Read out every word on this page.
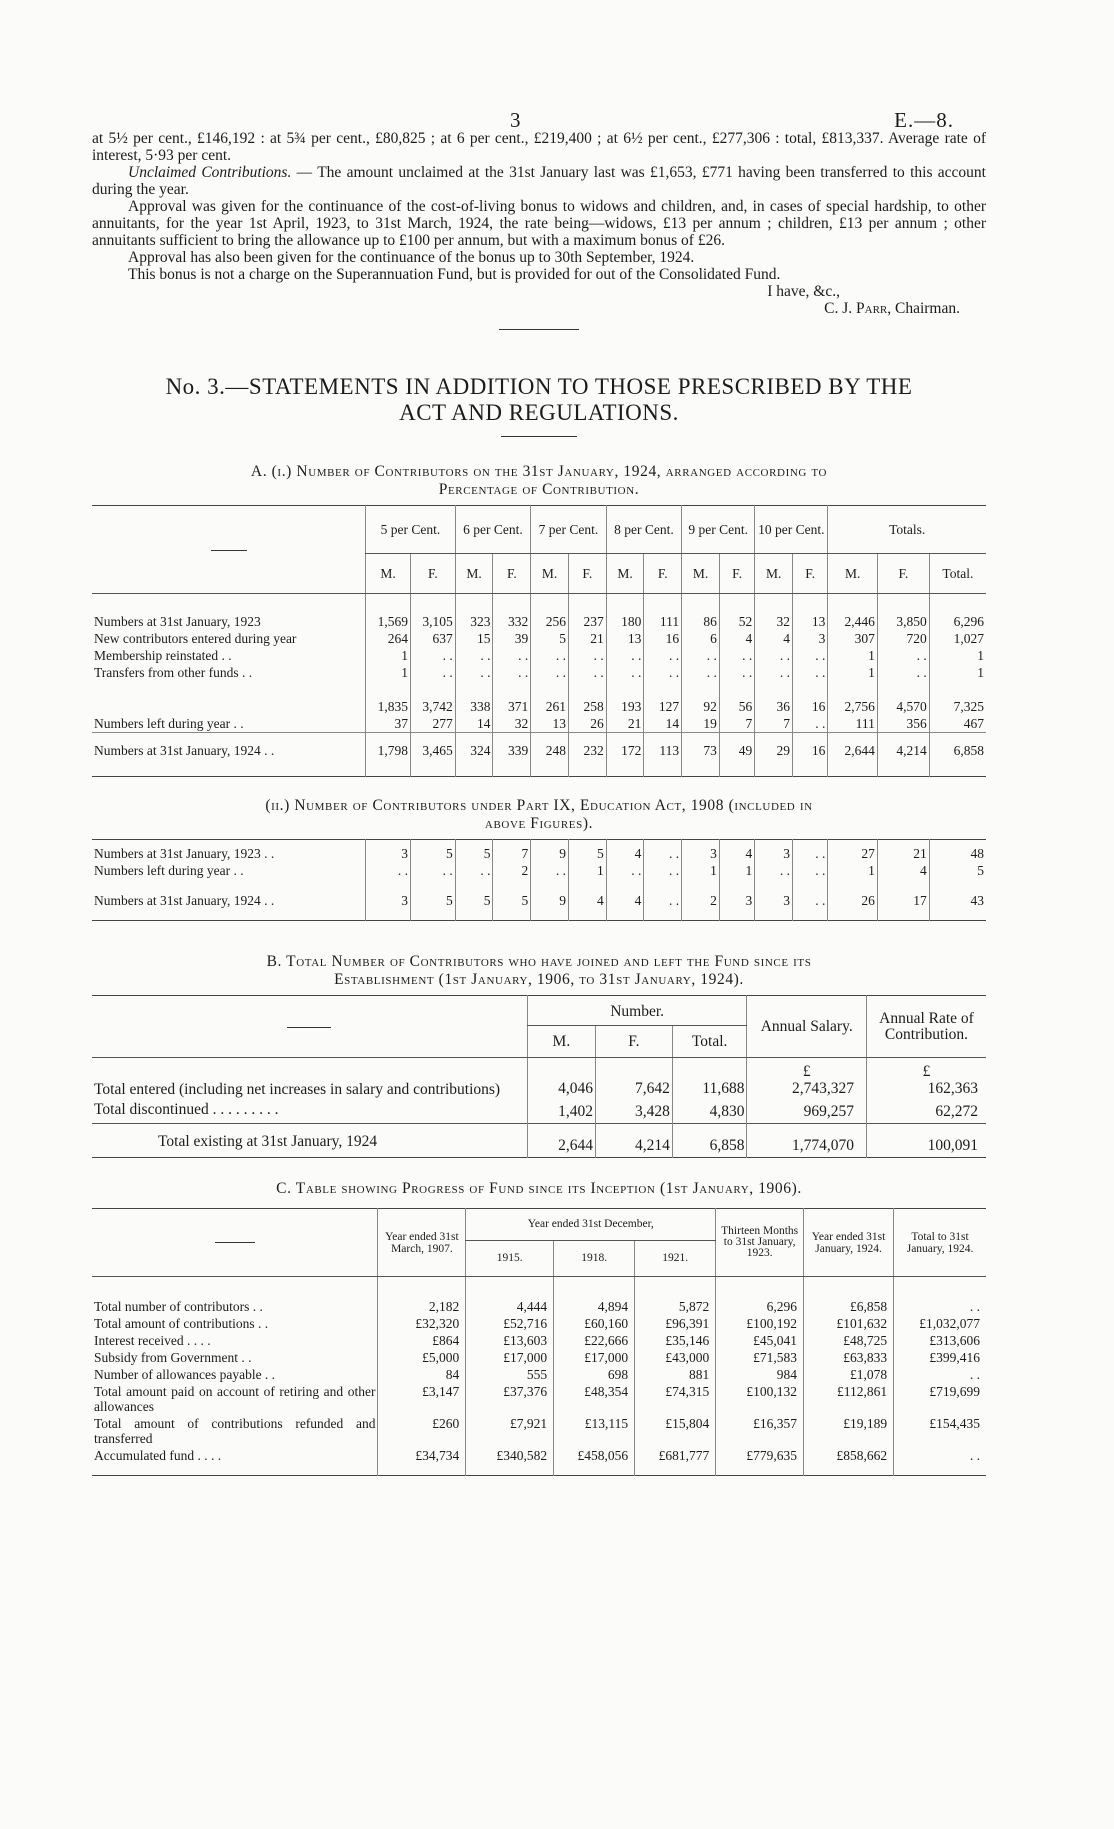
3	E.—8.

at 5½ per cent., £146,192 : at 5¾ per cent., £80,825 ; at 6 per cent., £219,400 ; at 6½ per cent., £277,306 : total, £813,337. Average rate of interest, 5·93 per cent.

Unclaimed Contributions. — The amount unclaimed at the 31st January last was £1,653, £771 having been transferred to this account during the year.

Approval was given for the continuance of the cost-of-living bonus to widows and children, and, in cases of special hardship, to other annuitants, for the year 1st April, 1923, to 31st March, 1924, the rate being—widows, £13 per annum ; children, £13 per annum ; other annuitants sufficient to bring the allowance up to £100 per annum, but with a maximum bonus of £26.

Approval has also been given for the continuance of the bonus up to 30th September, 1924.

This bonus is not a charge on the Superannuation Fund, but is provided for out of the Consolidated Fund.

I have, &c.,
C. J. Parr, Chairman.
No. 3.—STATEMENTS IN ADDITION TO THOSE PRESCRIBED BY THE
ACT AND REGULATIONS.
A. (i.) Number of Contributors on the 31st January, 1924, arranged according to
Percentage of Contribution.
	5 per Cent.		6 per Cent.		7 per Cent.		8 per Cent.		9 per Cent.		10 per Cent.		Totals.		
	M.	F.	M.	F.	M.	F.	M.	F.	M.	F.	M.	F.	M.	F.	Total.
Numbers at 31st January, 1923	1,569	3,105	323	332	256	237	180	111	86	52	32	13	2,446	3,850	6,296
New contributors entered during year	264	637	15	39	5	21	13	16	6	4	4	3	307	720	1,027
Membership reinstated . .	1	. .	. .	. .	. .	. .	. .	. .	. .	. .	. .	. .	1	. .	1
Transfers from other funds . .	1	. .	. .	. .	. .	. .	. .	. .	. .	. .	. .	. .	1	. .	1
	1,835	3,742	338	371	261	258	193	127	92	56	36	16	2,756	4,570	7,325
Numbers left during year . .	37	277	14	32	13	26	21	14	19	7	7	. .	111	356	467
Numbers at 31st January, 1924 . .	1,798	3,465	324	339	248	232	172	113	73	49	29	16	2,644	4,214	6,858
(ii.) Number of Contributors under Part IX, Education Act, 1908 (included in
above Figures).
Numbers at 31st January, 1923 . .	3	5	5	7	9	5	4	. .	3	4	3	. .	27	21	48
Numbers left during year . .	. .	. .	. .	2	. .	1	. .	. .	1	1	. .	. .	1	4	5
Numbers at 31st January, 1924 . .	3	5	5	5	9	4	4	. .	2	3	3	. .	26	17	43
B. Total Number of Contributors who have joined and left the Fund since its
Establishment (1st January, 1906, to 31st January, 1924).
	Number.			Annual Salary.	Annual Rate of Contribution.
	M.	F.	Total.		
				£	£
Total entered (including net increases in salary and contributions)	4,046	7,642	11,688	2,743,327	162,363
Total discontinued . . . . . . . . .	1,402	3,428	4,830	969,257	62,272
Total existing at 31st January, 1924	2,644	4,214	6,858	1,774,070	100,091
C. Table showing Progress of Fund since its Inception (1st January, 1906).
	Year ended 31st March, 1907.	Year ended 31st December,			Thirteen Months to 31st January, 1923.	Year ended 31st January, 1924.	Total to 31st January, 1924.
		1915.	1918.	1921.			
Total number of contributors . .	2,182	4,444	4,894	5,872	6,296	£6,858	. .
Total amount of contributions . .	£32,320	£52,716	£60,160	£96,391	£100,192	£101,632	£1,032,077
Interest received . . . .	£864	£13,603	£22,666	£35,146	£45,041	£48,725	£313,606
Subsidy from Government . .	£5,000	£17,000	£17,000	£43,000	£71,583	£63,833	£399,416
Number of allowances payable . .	84	555	698	881	984	£1,078	. .
Total amount paid on account of retiring and other allowances	£3,147	£37,376	£48,354	£74,315	£100,132	£112,861	£719,699
Total amount of contributions refunded and transferred	£260	£7,921	£13,115	£15,804	£16,357	£19,189	£154,435
Accumulated fund . . . .	£34,734	£340,582	£458,056	£681,777	£779,635	£858,662	. .
